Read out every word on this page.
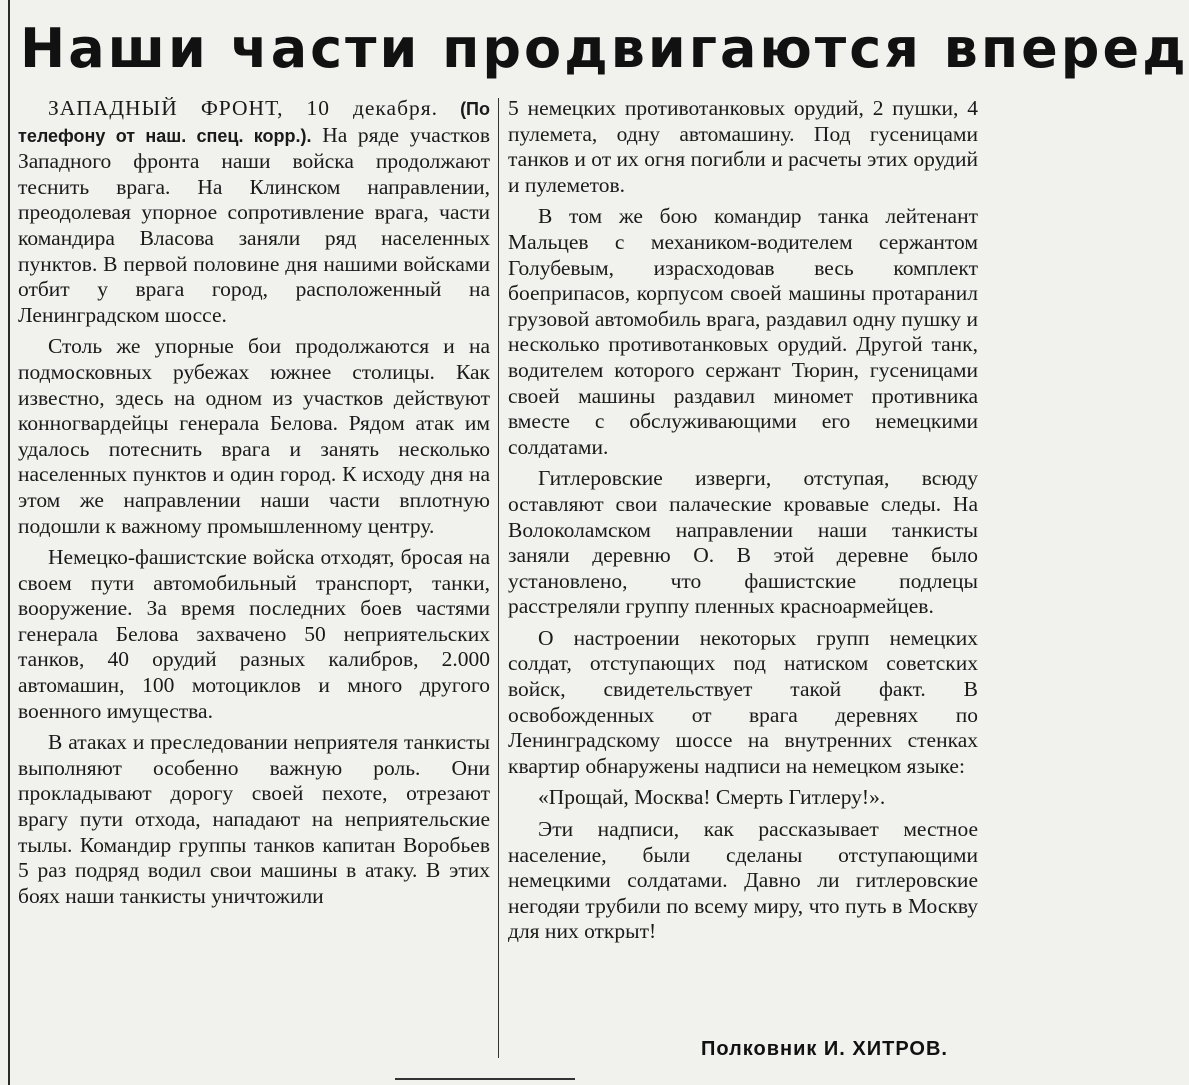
Наши части продвигаются вперед

ЗАПАДНЫЙ ФРОНТ, 10 декабря. (По телефону от наш. спец. корр.). На ряде участков Западного фронта наши войска продолжают теснить врага. На Клинском направлении, преодолевая упорное сопротивление врага, части командира Власова заняли ряд населенных пунктов. В первой половине дня нашими войсками отбит у врага город, расположенный на Ленинградском шоссе.

Столь же упорные бои продолжаются и на подмосковных рубежах южнее столицы. Как известно, здесь на одном из участков действуют конногвардейцы генерала Белова. Рядом атак им удалось потеснить врага и занять несколько населенных пунктов и один город. К исходу дня на этом же направлении наши части вплотную подошли к важному промышленному центру.

Немецко-фашистские войска отходят, бросая на своем пути автомобильный транспорт, танки, вооружение. За время последних боев частями генерала Белова захвачено 50 неприятельских танков, 40 орудий разных калибров, 2.000 автомашин, 100 мотоциклов и много другого военного имущества.

В атаках и преследовании неприятеля танкисты выполняют особенно важную роль. Они прокладывают дорогу своей пехоте, отрезают врагу пути отхода, нападают на неприятельские тылы. Командир группы танков капитан Воробьев 5 раз подряд водил свои машины в атаку. В этих боях наши танкисты уничтожили

5 немецких противотанковых орудий, 2 пушки, 4 пулемета, одну автомашину. Под гусеницами танков и от их огня погибли и расчеты этих орудий и пулеметов.

В том же бою командир танка лейтенант Мальцев с механиком-водителем сержантом Голубевым, израсходовав весь комплект боеприпасов, корпусом своей машины протаранил грузовой автомобиль врага, раздавил одну пушку и несколько противотанковых орудий. Другой танк, водителем которого сержант Тюрин, гусеницами своей машины раздавил миномет противника вместе с обслуживающими его немецкими солдатами.

Гитлеровские изверги, отступая, всюду оставляют свои палаческие кровавые следы. На Волоколамском направлении наши танкисты заняли деревню О. В этой деревне было установлено, что фашистские подлецы расстреляли группу пленных красноармейцев.

О настроении некоторых групп немецких солдат, отступающих под натиском советских войск, свидетельствует такой факт. В освобожденных от врага деревнях по Ленинградскому шоссе на внутренних стенках квартир обнаружены надписи на немецком языке:

«Прощай, Москва! Смерть Гитлеру!».

Эти надписи, как рассказывает местное население, были сделаны отступающими немецкими солдатами. Давно ли гитлеровские негодяи трубили по всему миру, что путь в Москву для них открыт!

Полковник И. ХИТРОВ.
